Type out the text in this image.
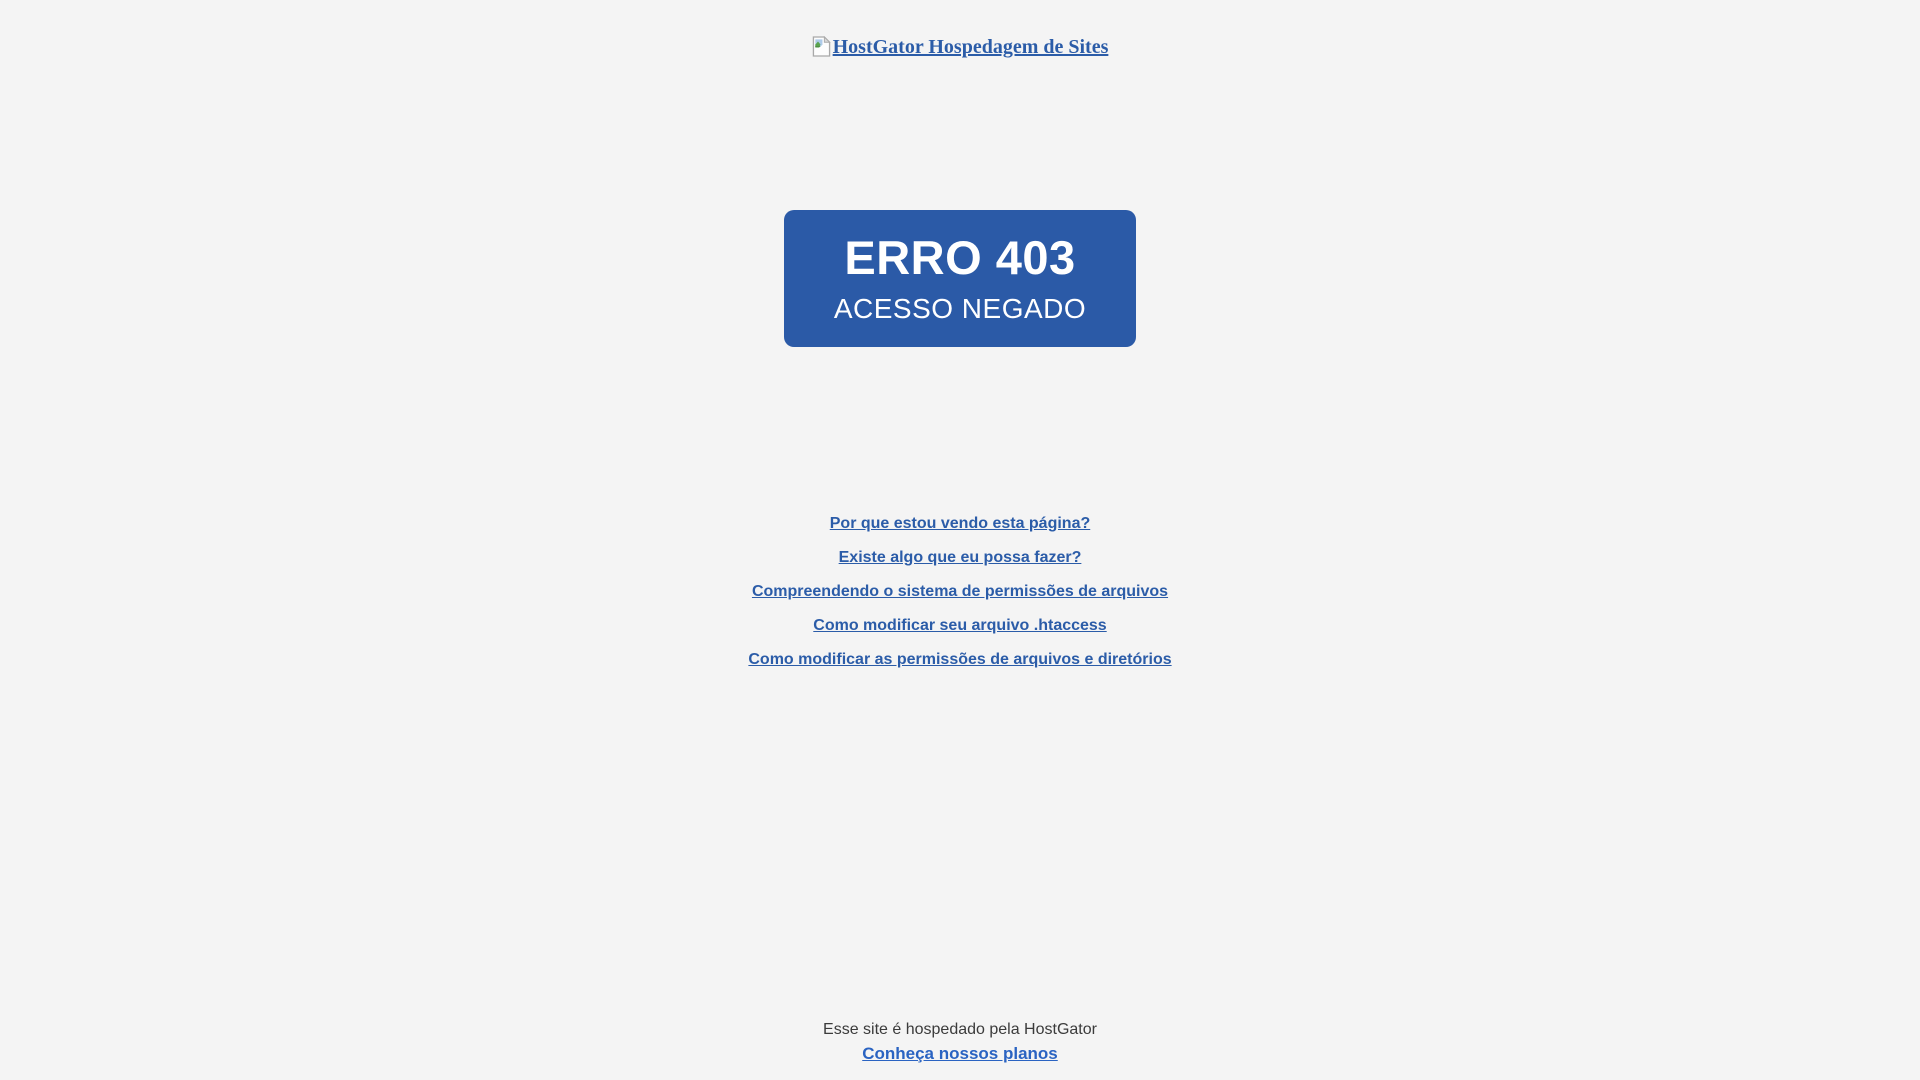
HostGator Hospedagem de Sites
ERRO 403
ACESSO NEGADO
Por que estou vendo esta página?
Existe algo que eu possa fazer?
Compreendendo o sistema de permissões de arquivos
Como modificar seu arquivo .htaccess
Como modificar as permissões de arquivos e diretórios
Esse site é hospedado pela HostGator
Conheça nossos planos
